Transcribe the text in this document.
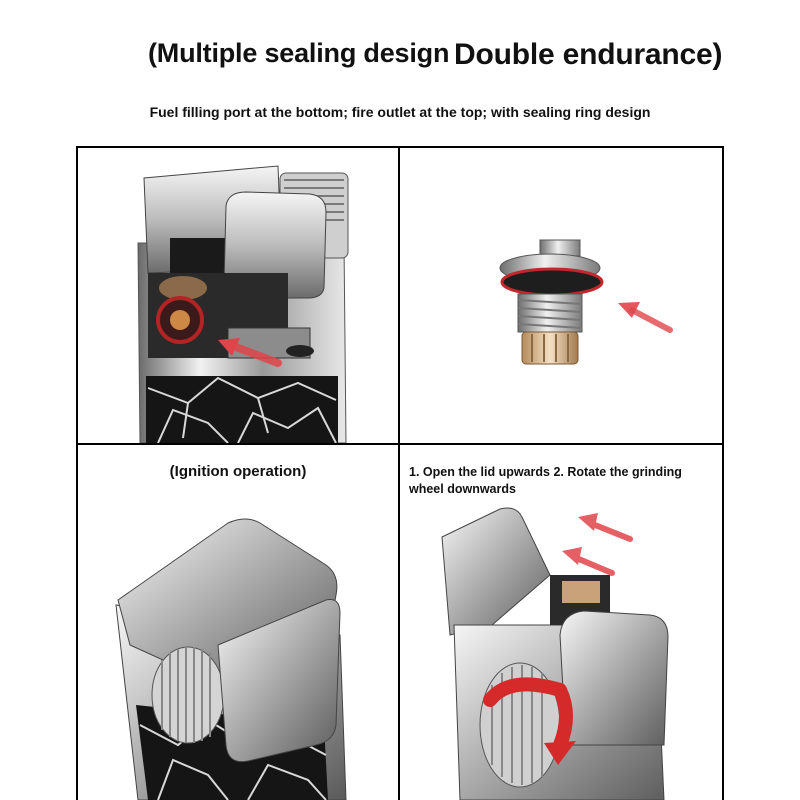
(Multiple sealing design Double endurance)
Fuel filling port at the bottom; fire outlet at the top; with sealing ring design
(Ignition operation)	1. Open the lid upwards 2. Rotate the grinding wheel downwards
